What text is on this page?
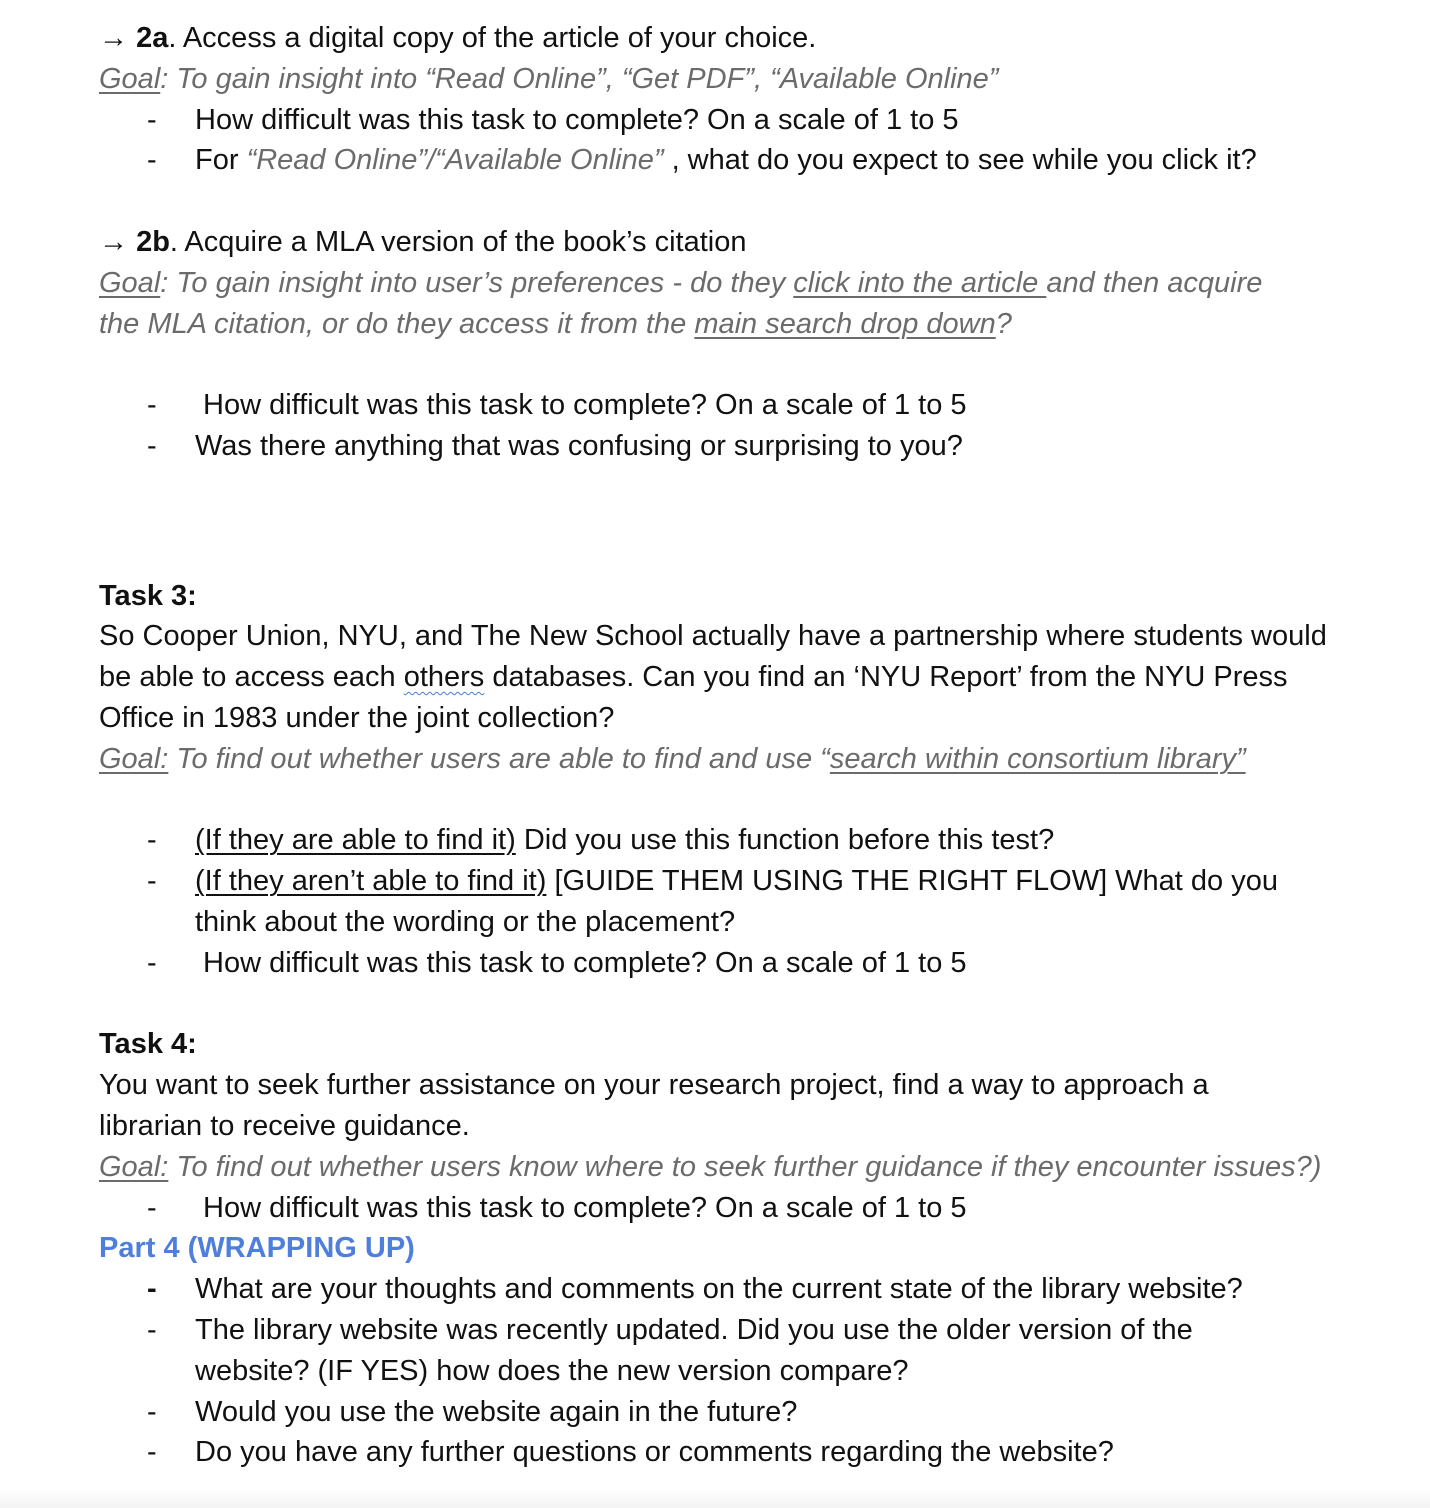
→ 2a. Access a digital copy of the article of your choice.
Goal: To gain insight into “Read Online”, “Get PDF”, “Available Online”
- How difficult was this task to complete? On a scale of 1 to 5
- For “Read Online”/“Available Online” , what do you expect to see while you click it?
→ 2b. Acquire a MLA version of the book’s citation
Goal: To gain insight into user’s preferences - do they click into the article and then acquire the MLA citation, or do they access it from the main search drop down?
- How difficult was this task to complete? On a scale of 1 to 5
- Was there anything that was confusing or surprising to you?
Task 3:
So Cooper Union, NYU, and The New School actually have a partnership where students would be able to access each others databases. Can you find an ‘NYU Report’ from the NYU Press Office in 1983 under the joint collection?
Goal: To find out whether users are able to find and use “search within consortium library”
- (If they are able to find it) Did you use this function before this test?
- (If they aren’t able to find it) [GUIDE THEM USING THE RIGHT FLOW] What do you think about the wording or the placement?
- How difficult was this task to complete? On a scale of 1 to 5
Task 4:
You want to seek further assistance on your research project, find a way to approach a librarian to receive guidance.
Goal: To find out whether users know where to seek further guidance if they encounter issues?)
- How difficult was this task to complete? On a scale of 1 to 5
Part 4 (WRAPPING UP)
- What are your thoughts and comments on the current state of the library website?
- The library website was recently updated. Did you use the older version of the website? (IF YES) how does the new version compare?
- Would you use the website again in the future?
- Do you have any further questions or comments regarding the website?
